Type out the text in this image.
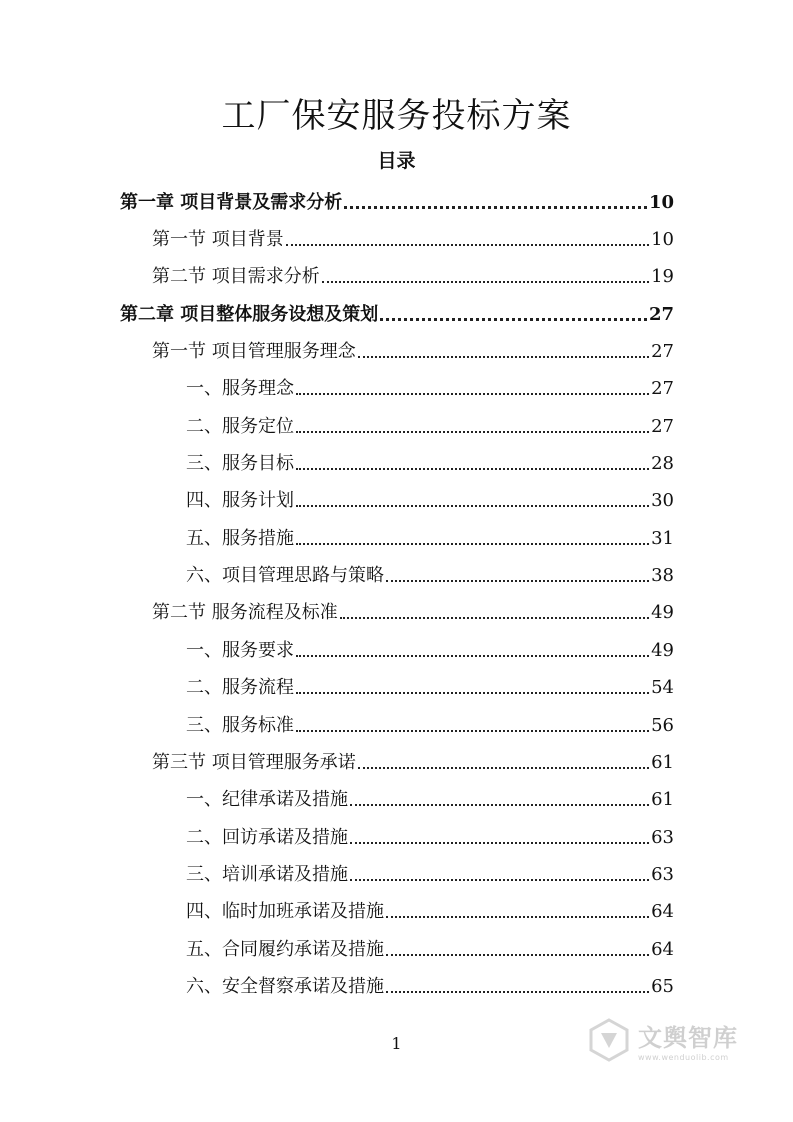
工厂保安服务投标方案
目录
第一章 项目背景及需求分析	10
第一节 项目背景	10
第二节 项目需求分析	19
第二章 项目整体服务设想及策划	27
第一节 项目管理服务理念	27
一、服务理念	27
二、服务定位	27
三、服务目标	28
四、服务计划	30
五、服务措施	31
六、项目管理思路与策略	38
第二节 服务流程及标准	49
一、服务要求	49
二、服务流程	54
三、服务标准	56
第三节 项目管理服务承诺	61
一、纪律承诺及措施	61
二、回访承诺及措施	63
三、培训承诺及措施	63
四、临时加班承诺及措施	64
五、合同履约承诺及措施	64
六、安全督察承诺及措施	65
1	文舆智库
www.wenduolib.com
